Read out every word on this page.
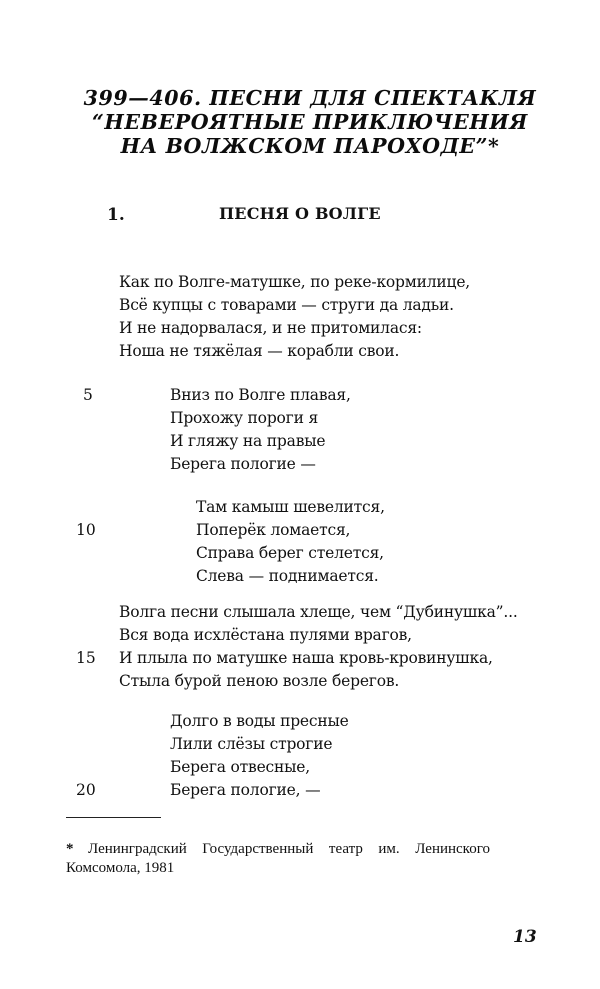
399—406. ПЕСНИ ДЛЯ СПЕКТАКЛЯ
“НЕВЕРОЯТНЫЕ ПРИКЛЮЧЕНИЯ
НА ВОЛЖСКОМ ПАРОХОДЕ”*
1.	ПЕСНЯ О ВОЛГЕ
Как по Волге-матушке, по реке-кормилице,
Всё купцы с товарами — струги да ладьи.
И не надорвалася, и не притомилася:
Ноша не тяжёлая — корабли свои.
5	Вниз по Волге плавая,
Прохожу пороги я
И гляжу на правые
Берега пологие —
Там камыш шевелится,
10	Поперёк ломается,
Справа берег стелется,
Слева — поднимается.
Волга песни слышала хлеще, чем “Дубинушка”...
Вся вода исхлёстана пулями врагов,
15 И плыла по матушке наша кровь-кровинушка,
Стыла бурой пеною возле берегов.
Долго в воды пресные
Лили слёзы строгие
Берега отвесные,
20	Берега пологие, —
* Ленинградский Государственный театр им. Ленинского Комсомола, 1981
13
